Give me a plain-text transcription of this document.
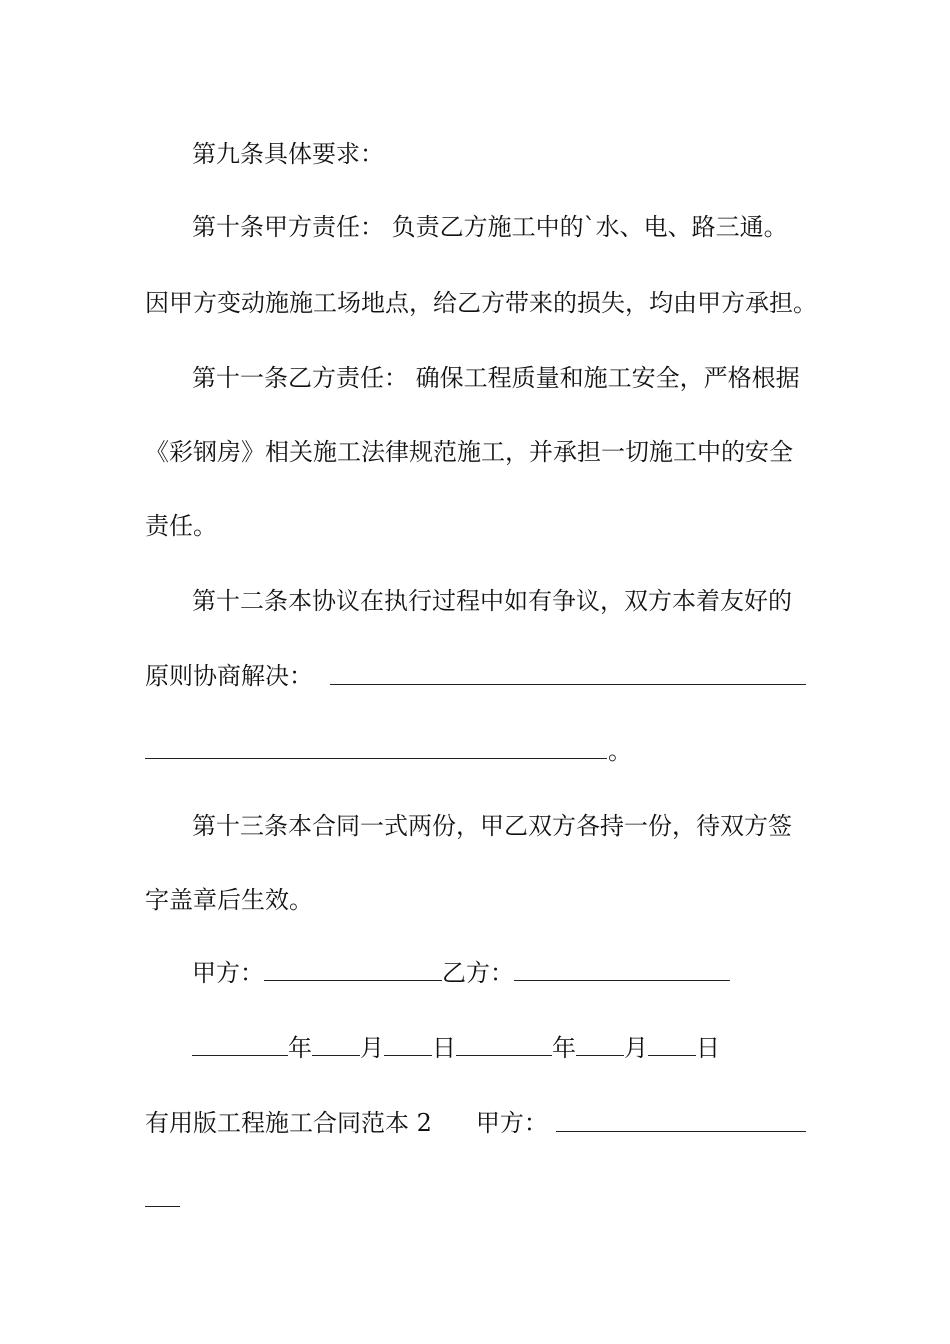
第九条具体要求：
第十条甲方责任： 负责乙方施工中的`水、电、路三通。
因甲方变动施施工场地点，给乙方带来的损失，均由甲方承担。
第十一条乙方责任： 确保工程质量和施工安全，严格根据
《彩钢房》相关施工法律规范施工，并承担一切施工中的安全
责任。
第十二条本协议在执行过程中如有争议，双方本着友好的
原则协商解决：
。
第十三条本合同一式两份，甲乙双方各持一份，待双方签
字盖章后生效。
甲方：	乙方：
年 月 日	年 月 日
有用版工程施工合同范本 2 甲方：
